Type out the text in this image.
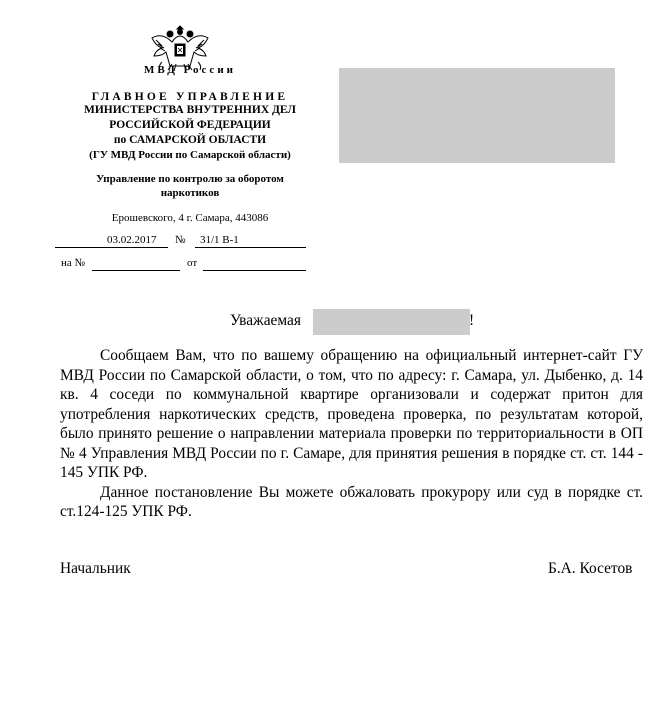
МВД России
ГЛАВНОЕ УПРАВЛЕНИЕ
МИНИСТЕРСТВА ВНУТРЕННИХ ДЕЛ
РОССИЙСКОЙ ФЕДЕРАЦИИ
по САМАРСКОЙ ОБЛАСТИ
(ГУ МВД России по Самарской области)
Управление по контролю за оборотом
наркотиков
Ерошевского, 4 г. Самара, 443086
03.02.2017 № 31/1 В-1
на №	от
Уважаемая	!

Сообщаем Вам, что по вашему обращению на официальный интернет-сайт ГУ МВД России по Самарской области, о том, что по адресу: г. Самара, ул. Дыбенко, д. 14 кв. 4 соседи по коммунальной квартире организовали и содержат притон для употребления наркотических средств, проведена проверка, по результатам которой, было принято решение о направлении материала проверки по территориальности в ОП № 4 Управления МВД России по г. Самаре, для принятия решения в порядке ст. ст. 144 - 145 УПК РФ.

Данное постановление Вы можете обжаловать прокурору или суд в порядке ст. ст.124-125 УПК РФ.

Начальник	Б.А. Косетов
